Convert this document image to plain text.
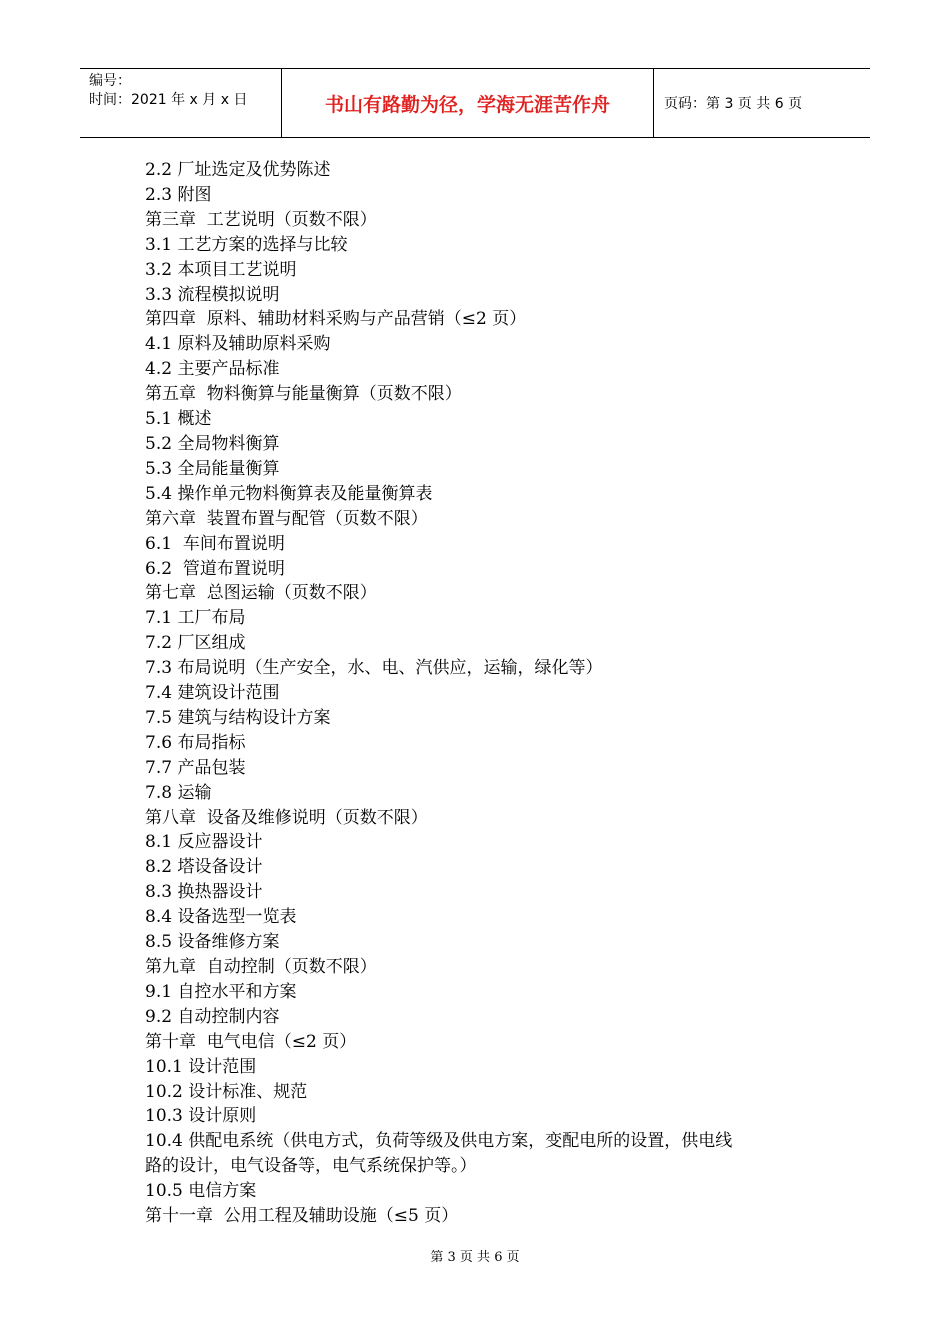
编号：
时间：2021 年 x 月 x 日	书山有路勤为径，学海无涯苦作舟	页码：第 3 页 共 6 页
2.2 厂址选定及优势陈述
2.3 附图
第三章  工艺说明（页数不限）
3.1 工艺方案的选择与比较
3.2 本项目工艺说明
3.3 流程模拟说明
第四章  原料、辅助材料采购与产品营销（≤2 页）
4.1 原料及辅助原料采购
4.2 主要产品标准
第五章  物料衡算与能量衡算（页数不限）
5.1 概述
5.2 全局物料衡算
5.3 全局能量衡算
5.4 操作单元物料衡算表及能量衡算表
第六章  装置布置与配管（页数不限）
6.1  车间布置说明
6.2  管道布置说明
第七章  总图运输（页数不限）
7.1 工厂布局
7.2 厂区组成
7.3 布局说明（生产安全，水、电、汽供应，运输，绿化等）
7.4 建筑设计范围
7.5 建筑与结构设计方案
7.6 布局指标
7.7 产品包装
7.8 运输
第八章  设备及维修说明（页数不限）
8.1 反应器设计
8.2 塔设备设计
8.3 换热器设计
8.4 设备选型一览表
8.5 设备维修方案
第九章  自动控制（页数不限）
9.1 自控水平和方案
9.2 自动控制内容
第十章  电气电信（≤2 页）
10.1 设计范围
10.2 设计标准、规范
10.3 设计原则
10.4 供配电系统（供电方式，负荷等级及供电方案，变配电所的设置，供电线
路的设计，电气设备等，电气系统保护等。）
10.5 电信方案
第十一章  公用工程及辅助设施（≤5 页）
第 3 页 共 6 页
